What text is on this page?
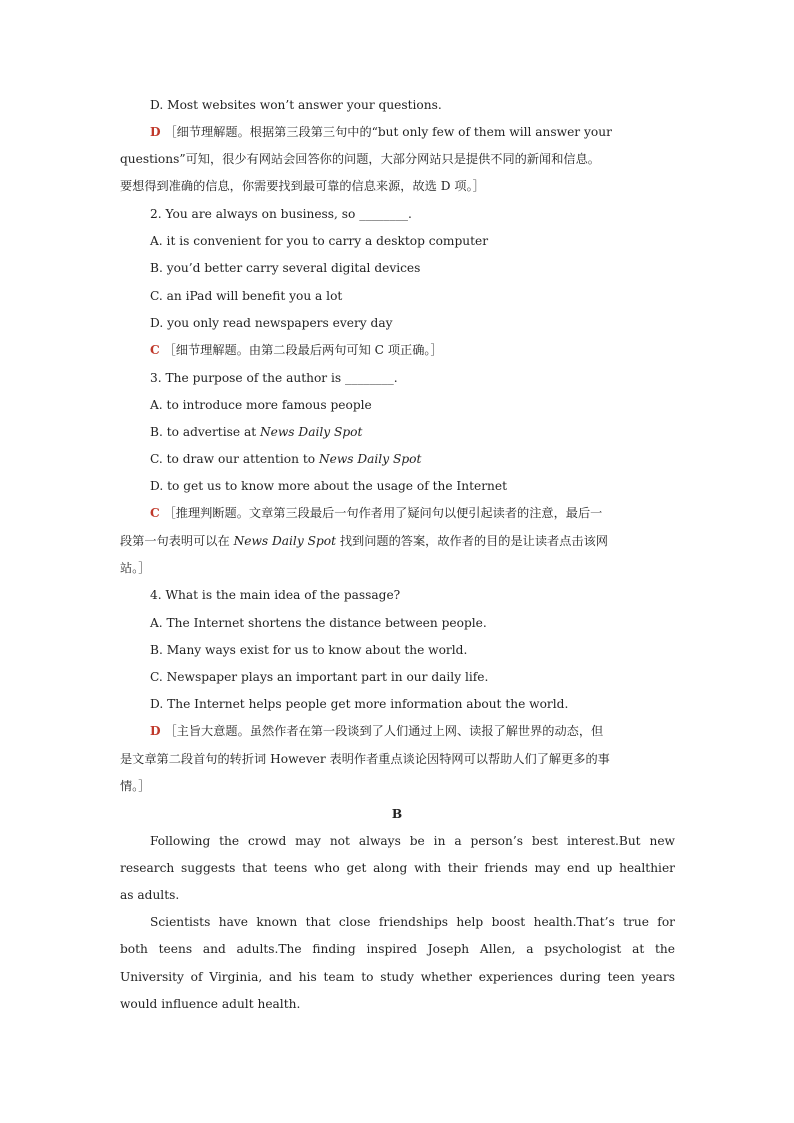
D. Most websites won’t answer your questions.
D ［细节理解题。根据第三段第三句中的“but only few of them will answer your
questions”可知，很少有网站会回答你的问题，大部分网站只是提供不同的新闻和信息。
要想得到准确的信息，你需要找到最可靠的信息来源，故选 D 项。］
2. You are always on business, so ________.
A. it is convenient for you to carry a desktop computer
B. you’d better carry several digital devices
C. an iPad will benefit you a lot
D. you only read newspapers every day
C ［细节理解题。由第二段最后两句可知 C 项正确。］
3. The purpose of the author is ________.
A. to introduce more famous people
B. to advertise at News Daily Spot
C. to draw our attention to News Daily Spot
D. to get us to know more about the usage of the Internet
C ［推理判断题。文章第三段最后一句作者用了疑问句以便引起读者的注意，最后一
段第一句表明可以在 News Daily Spot 找到问题的答案，故作者的目的是让读者点击该网
站。］
4. What is the main idea of the passage?
A. The Internet shortens the distance between people.
B. Many ways exist for us to know about the world.
C. Newspaper plays an important part in our daily life.
D. The Internet helps people get more information about the world.
D ［主旨大意题。虽然作者在第一段谈到了人们通过上网、读报了解世界的动态，但
是文章第二段首句的转折词 However 表明作者重点谈论因特网可以帮助人们了解更多的事
情。］
B
Following the crowd may not always be in a person’s best interest.But new
research suggests that teens who get along with their friends may end up healthier
as adults.
Scientists have known that close friendships help boost health.That’s true for
both teens and adults.The finding inspired Joseph Allen, a psychologist at the
University of Virginia, and his team to study whether experiences during teen years
would influence adult health.
